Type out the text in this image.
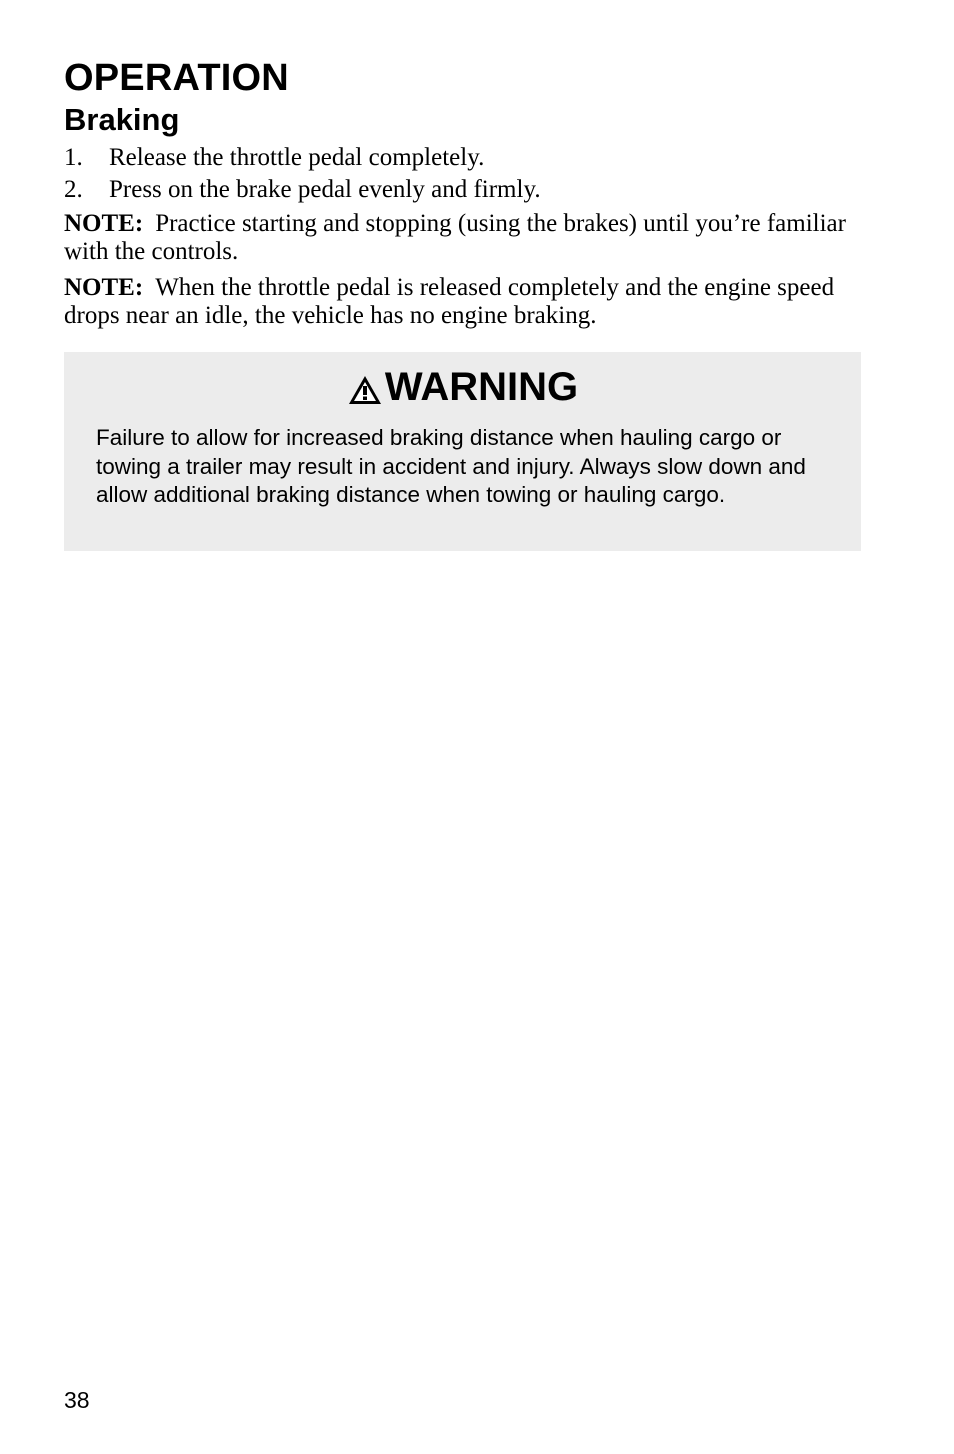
OPERATION
Braking
1.	Release the throttle pedal completely.
2.	Press on the brake pedal evenly and firmly.

NOTE: Practice starting and stopping (using the brakes) until you’re familiar with the controls.

NOTE: When the throttle pedal is released completely and the engine speed drops near an idle, the vehicle has no engine braking.

WARNING

Failure to allow for increased braking distance when hauling cargo or towing a trailer may result in accident and injury. Always slow down and allow additional braking distance when towing or hauling cargo.

38
